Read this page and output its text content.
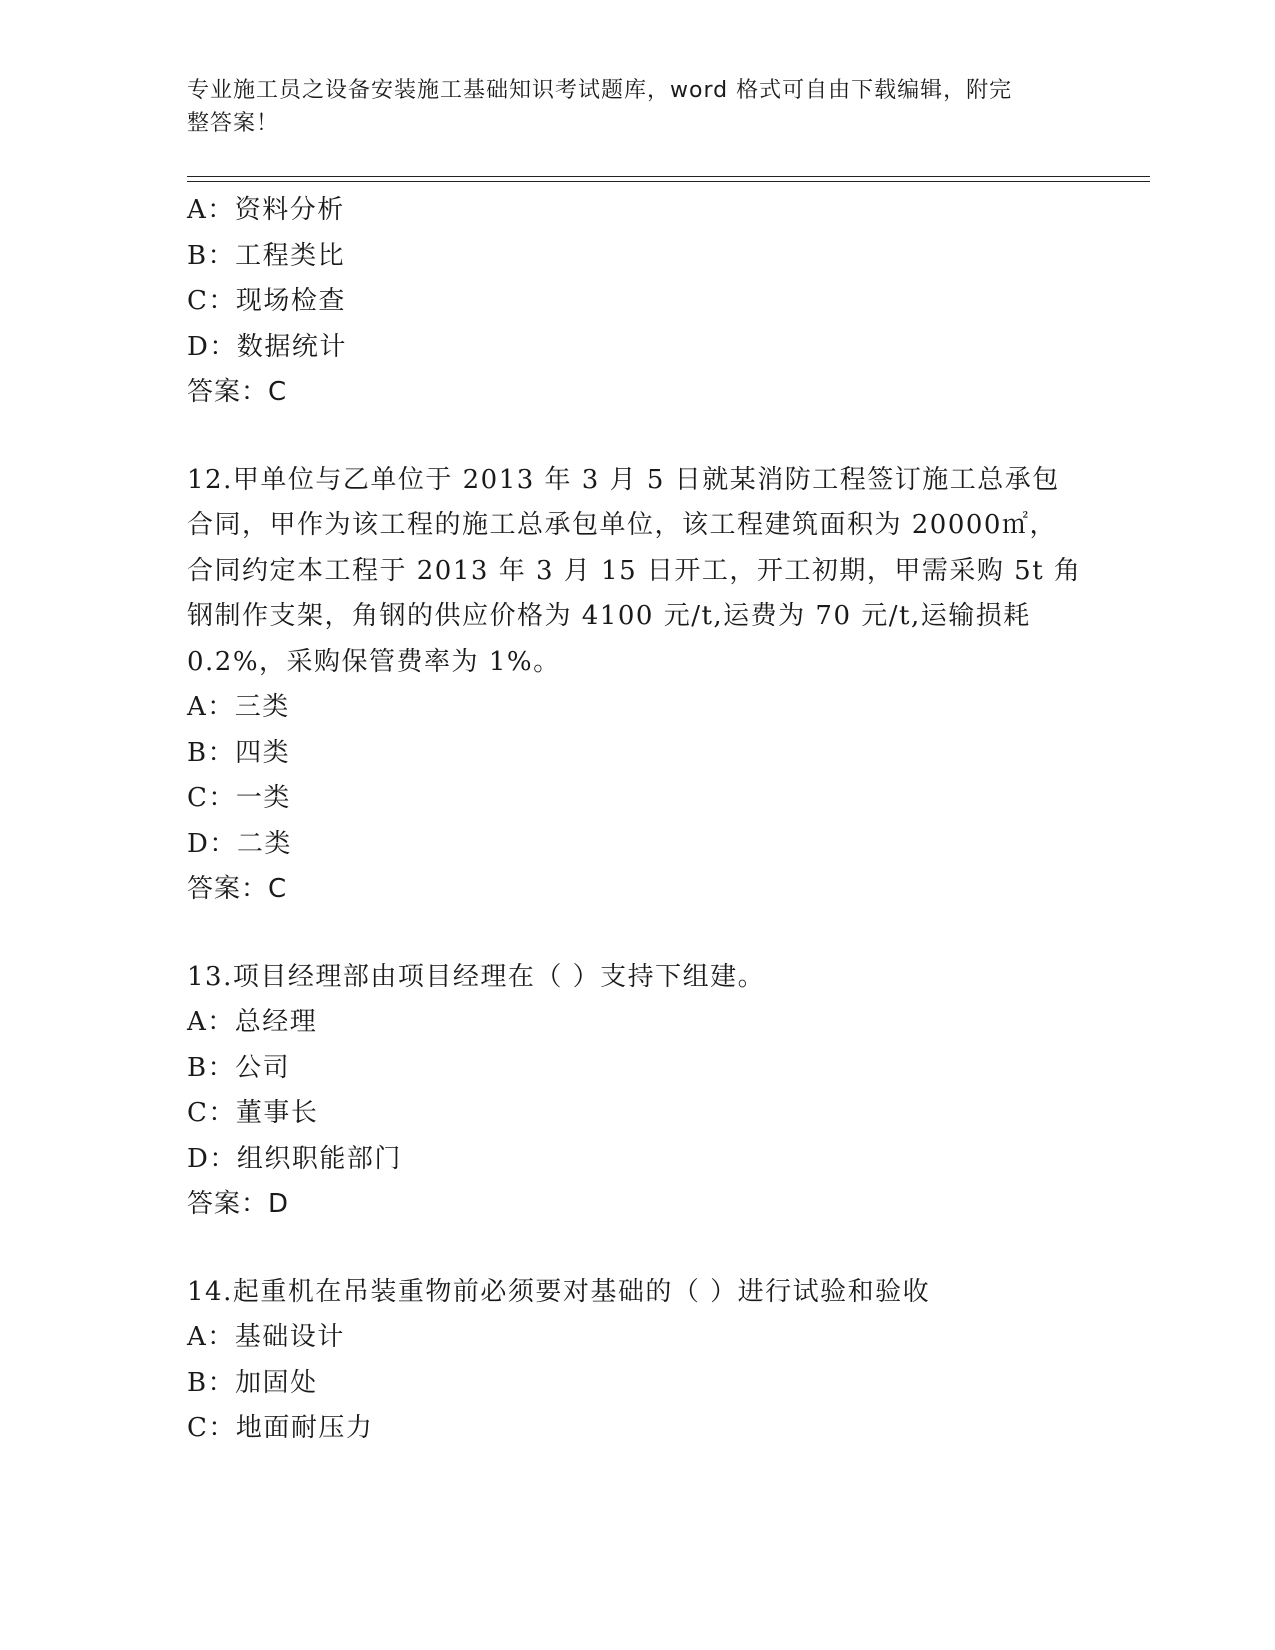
专业施工员之设备安装施工基础知识考试题库，word 格式可自由下载编辑，附完
整答案！
A：资料分析
B：工程类比
C：现场检查
D：数据统计
答案：C
12.甲单位与乙单位于 2013 年 3 月 5 日就某消防工程签订施工总承包
合同，甲作为该工程的施工总承包单位，该工程建筑面积为 20000㎡，
合同约定本工程于 2013 年 3 月 15 日开工，开工初期，甲需采购 5t 角
钢制作支架，角钢的供应价格为 4100 元/t,运费为 70 元/t,运输损耗
0.2%，采购保管费率为 1%。
A：三类
B：四类
C：一类
D：二类
答案：C
13.项目经理部由项目经理在（ ）支持下组建。
A：总经理
B：公司
C：董事长
D：组织职能部门
答案：D
14.起重机在吊装重物前必须要对基础的（ ）进行试验和验收
A：基础设计
B：加固处
C：地面耐压力
